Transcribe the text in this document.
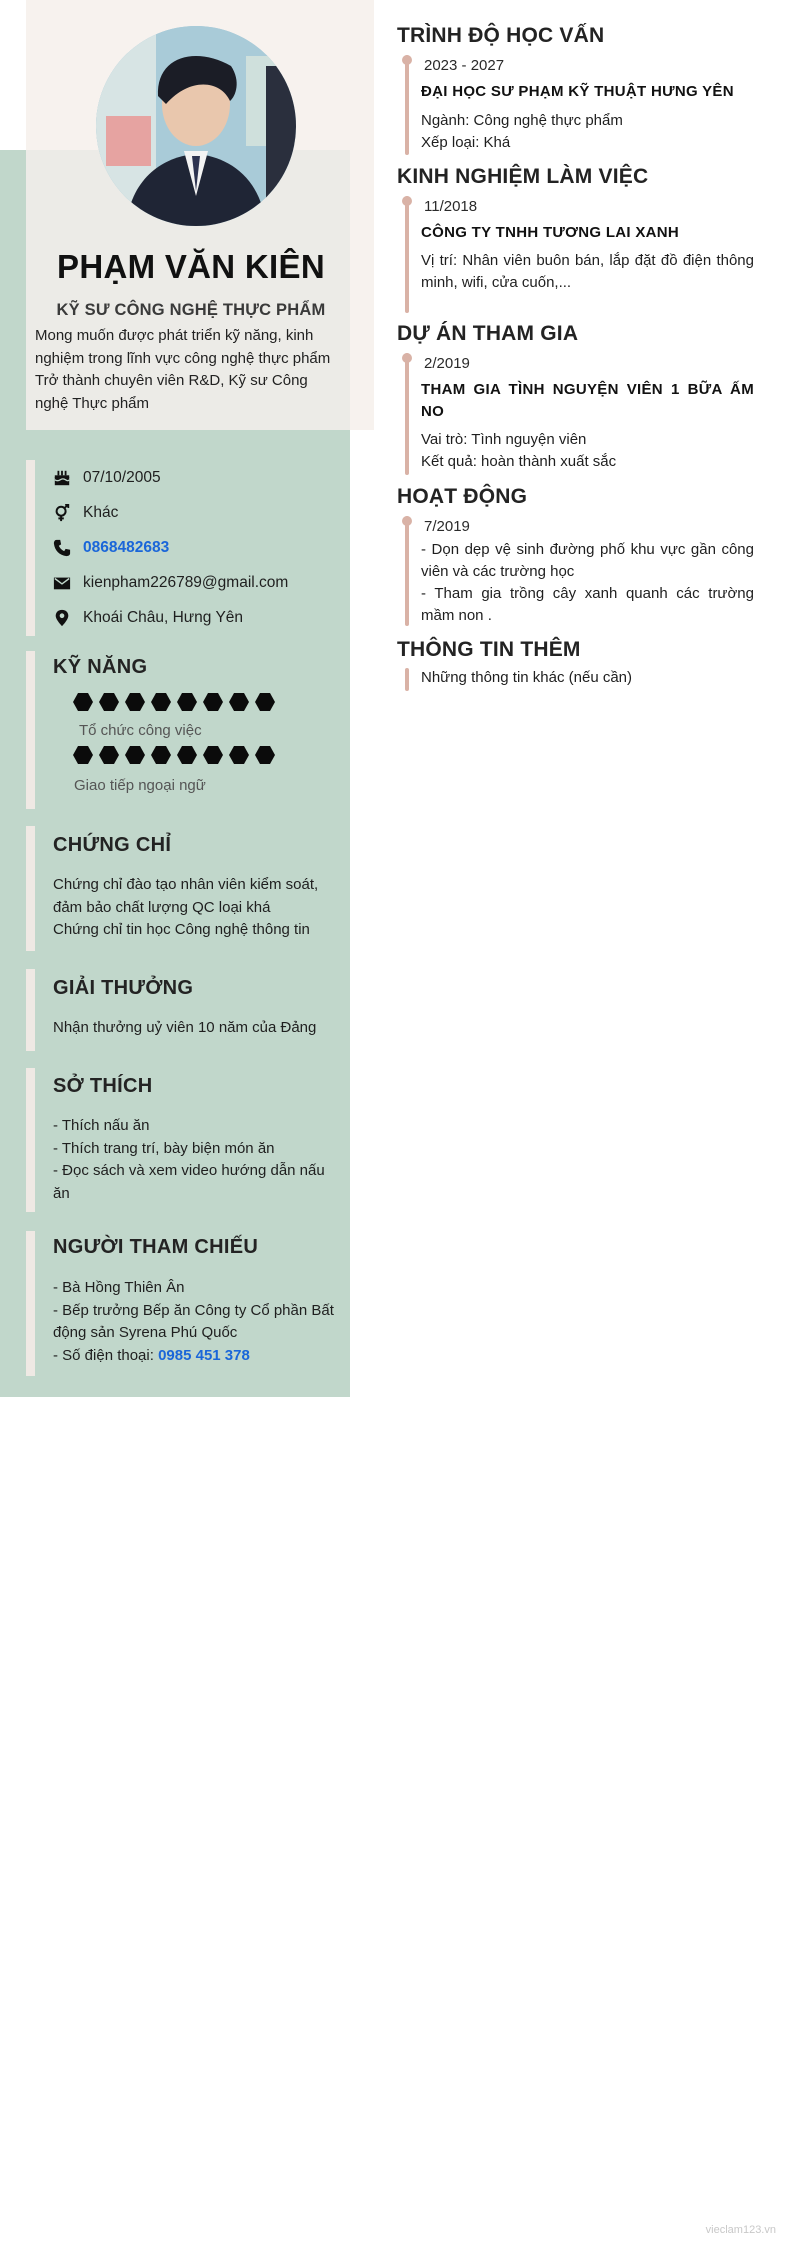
PHẠM VĂN KIÊN
KỸ SƯ CÔNG NGHỆ THỰC PHẨM
Mong muốn được phát triển kỹ năng, kinh nghiệm trong lĩnh vực công nghệ thực phẩm
Trở thành chuyên viên R&D, Kỹ sư Công nghệ Thực phẩm
07/10/2005
Khác
0868482683
kienpham226789@gmail.com
Khoái Châu, Hưng Yên
KỸ NĂNG
Tổ chức công việc
Giao tiếp ngoại ngữ
CHỨNG CHỈ
Chứng chỉ đào tạo nhân viên kiểm soát, đảm bảo chất lượng QC loại khá
Chứng chỉ tin học Công nghệ thông tin
GIẢI THƯỞNG
Nhận thưởng uỷ viên 10 năm của Đảng
SỞ THÍCH
- Thích nấu ăn
- Thích trang trí, bày biện món ăn
- Đọc sách và xem video hướng dẫn nấu ăn
NGƯỜI THAM CHIẾU
- Bà Hồng Thiên Ân
- Bếp trưởng Bếp ăn Công ty Cổ phần Bất động sản Syrena Phú Quốc
- Số điện thoại: 0985 451 378
TRÌNH ĐỘ HỌC VẤN
2023 - 2027
ĐẠI HỌC SƯ PHẠM KỸ THUẬT HƯNG YÊN
Ngành: Công nghệ thực phẩm
Xếp loại: Khá
KINH NGHIỆM LÀM VIỆC
11/2018
CÔNG TY TNHH TƯƠNG LAI XANH
Vị trí: Nhân viên buôn bán, lắp đặt đồ điện thông minh, wifi, cửa cuốn,...
DỰ ÁN THAM GIA
2/2019
THAM GIA TÌNH NGUYỆN VIÊN 1 BỮA ẤM NO
Vai trò: Tình nguyện viên
Kết quả: hoàn thành xuất sắc
HOẠT ĐỘNG
7/2019
- Dọn dẹp vệ sinh đường phố khu vực gần công viên và các trường học
- Tham gia trồng cây xanh quanh các trường mầm non .
THÔNG TIN THÊM
Những thông tin khác (nếu cần)
vieclam123.vn
